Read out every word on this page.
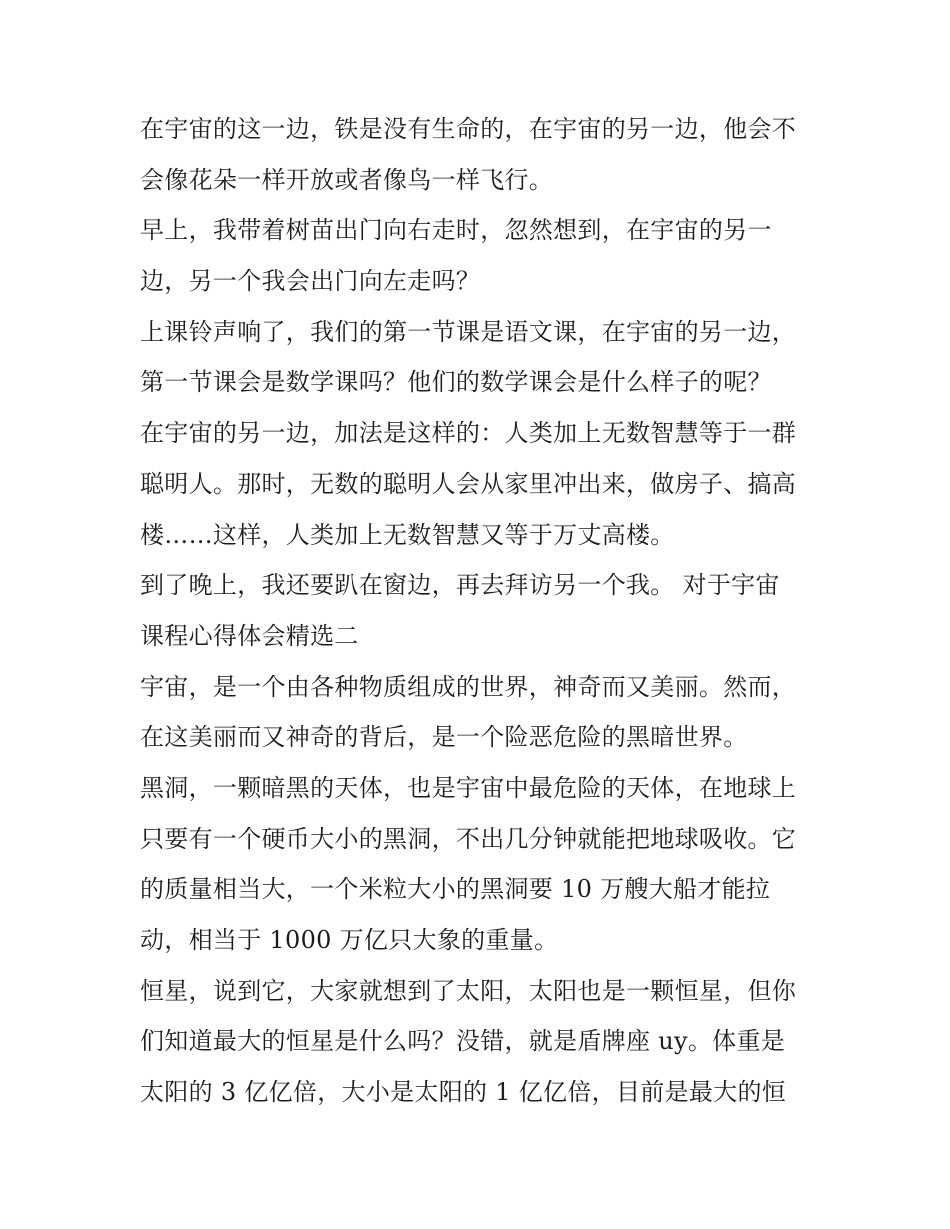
在宇宙的这一边，铁是没有生命的，在宇宙的另一边，他会不
会像花朵一样开放或者像鸟一样飞行。
早上，我带着树苗出门向右走时，忽然想到，在宇宙的另一
边，另一个我会出门向左走吗？
上课铃声响了，我们的第一节课是语文课，在宇宙的另一边，
第一节课会是数学课吗？他们的数学课会是什么样子的呢？
在宇宙的另一边，加法是这样的：人类加上无数智慧等于一群
聪明人。那时，无数的聪明人会从家里冲出来，做房子、搞高
楼……这样，人类加上无数智慧又等于万丈高楼。
到了晚上，我还要趴在窗边，再去拜访另一个我。 对于宇宙
课程心得体会精选二
宇宙，是一个由各种物质组成的世界，神奇而又美丽。然而，
在这美丽而又神奇的背后，是一个险恶危险的黑暗世界。
黑洞，一颗暗黑的天体，也是宇宙中最危险的天体，在地球上
只要有一个硬币大小的黑洞，不出几分钟就能把地球吸收。它
的质量相当大，一个米粒大小的黑洞要 10 万艘大船才能拉
动，相当于 1000 万亿只大象的重量。
恒星，说到它，大家就想到了太阳，太阳也是一颗恒星，但你
们知道最大的恒星是什么吗？没错，就是盾牌座 uy。体重是
太阳的 3 亿亿倍，大小是太阳的 1 亿亿倍，目前是最大的恒
